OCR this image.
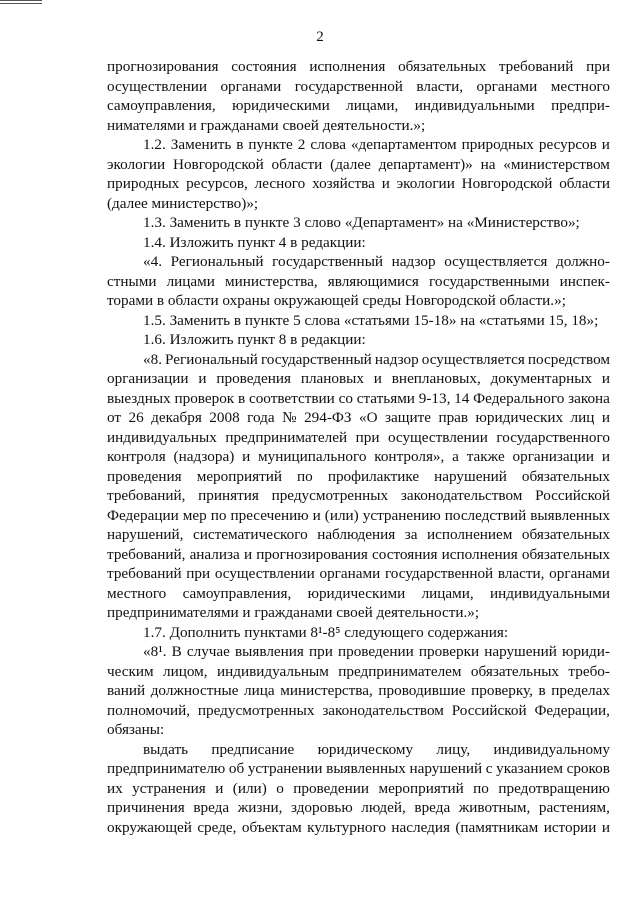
2
прогнозирования состояния исполнения обязательных требований при
осуществлении органами государственной власти, органами местного
самоуправления, юридическими лицами, индивидуальными предпри-
нимателями и гражданами своей деятельности.»;
1.2. Заменить в пункте 2 слова «департаментом природных ресурсов и
экологии Новгородской области (далее департамент)» на «министерством
природных ресурсов, лесного хозяйства и экологии Новгородской области
(далее министерство)»;
1.3. Заменить в пункте 3 слово «Департамент» на «Министерство»;
1.4. Изложить пункт 4 в редакции:
«4. Региональный государственный надзор осуществляется должно-
стными лицами министерства, являющимися государственными инспек-
торами в области охраны окружающей среды Новгородской области.»;
1.5. Заменить в пункте 5 слова «статьями 15-18» на «статьями 15, 18»;
1.6. Изложить пункт 8 в редакции:
«8. Региональный государственный надзор осуществляется посредством
организации и проведения плановых и внеплановых, документарных и
выездных проверок в соответствии со статьями 9-13, 14 Федерального закона
от 26 декабря 2008 года № 294-ФЗ «О защите прав юридических лиц и
индивидуальных предпринимателей при осуществлении государственного
контроля (надзора) и муниципального контроля», а также организации и
проведения мероприятий по профилактике нарушений обязательных
требований, принятия предусмотренных законодательством Российской
Федерации мер по пресечению и (или) устранению последствий выявленных
нарушений, систематического наблюдения за исполнением обязательных
требований, анализа и прогнозирования состояния исполнения обязательных
требований при осуществлении органами государственной власти, органами
местного самоуправления, юридическими лицами, индивидуальными
предпринимателями и гражданами своей деятельности.»;
1.7. Дополнить пунктами 8¹-8⁵ следующего содержания:
«8¹. В случае выявления при проведении проверки нарушений юриди-
ческим лицом, индивидуальным предпринимателем обязательных требо-
ваний должностные лица министерства, проводившие проверку, в пределах
полномочий, предусмотренных законодательством Российской Федерации,
обязаны:
выдать предписание юридическому лицу, индивидуальному
предпринимателю об устранении выявленных нарушений с указанием сроков
их устранения и (или) о проведении мероприятий по предотвращению
причинения вреда жизни, здоровью людей, вреда животным, растениям,
окружающей среде, объектам культурного наследия (памятникам истории и
